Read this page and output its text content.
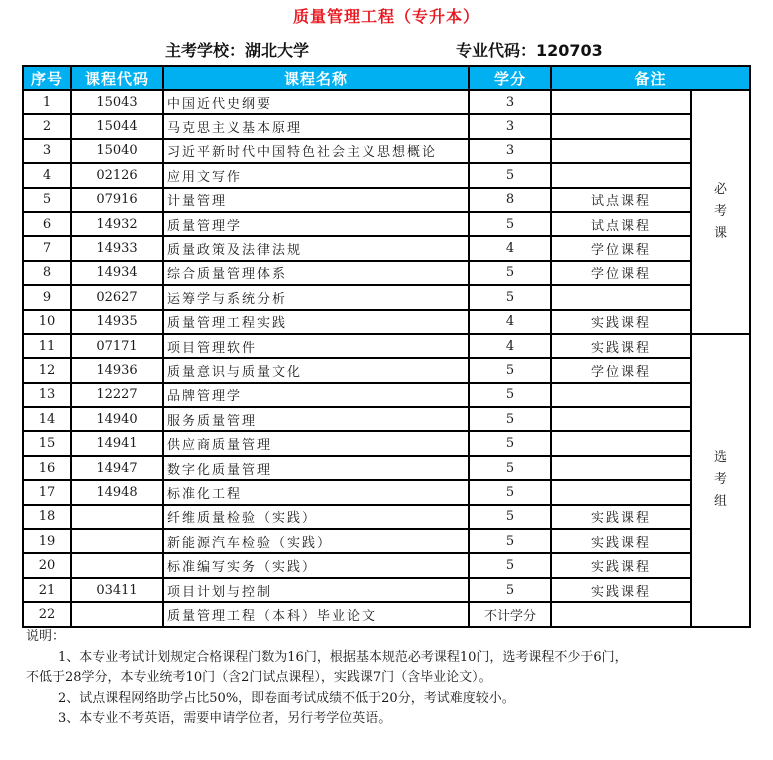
质量管理工程（专升本）
主考学校：湖北大学	专业代码：120703
序号	课程代码	课程名称	学分	备注	
1	15043	中国近代史纲要	3		必
考
课

2	15044	马克思主义基本原理	3		
3	15040	习近平新时代中国特色社会主义思想概论	3		
4	02126	应用文写作	5		
5	07916	计量管理	8	试点课程	
6	14932	质量管理学	5	试点课程	
7	14933	质量政策及法律法规	4	学位课程	
8	14934	综合质量管理体系	5	学位课程	
9	02627	运筹学与系统分析	5		
10	14935	质量管理工程实践	4	实践课程	
11	07171	项目管理软件	4	实践课程	选
考
组

12	14936	质量意识与质量文化	5	学位课程	
13	12227	品牌管理学	5		
14	14940	服务质量管理	5		
15	14941	供应商质量管理	5		
16	14947	数字化质量管理	5		
17	14948	标准化工程	5		
18		纤维质量检验（实践）	5	实践课程	
19		新能源汽车检验（实践）	5	实践课程	
20		标准编写实务（实践）	5	实践课程	
21	03411	项目计划与控制	5	实践课程	
22		质量管理工程（本科）毕业论文	不计学分		
说明：
1、本专业考试计划规定合格课程门数为16门，根据基本规范必考课程10门，选考课程不少于6门，
不低于28学分，本专业统考10门（含2门试点课程），实践课7门（含毕业论文）。
2、试点课程网络助学占比50%，即卷面考试成绩不低于20分，考试难度较小。
3、本专业不考英语，需要申请学位者，另行考学位英语。
